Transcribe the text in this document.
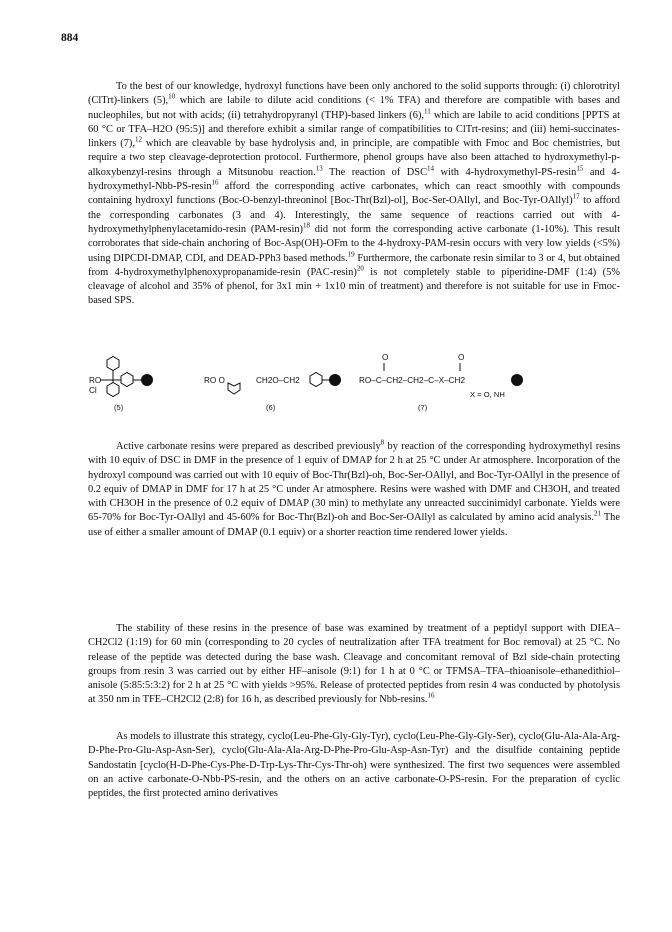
884

To the best of our knowledge, hydroxyl functions have been only anchored to the solid supports through: (i) chlorotrityl (ClTrt)-linkers (5),$^{10}$ which are labile to dilute acid conditions (< 1% TFA) and therefore are compatible with bases and nucleophiles, but not with acids; (ii) tetrahydropyranyl (THP)-based linkers (6),$^{11}$ which are labile to acid conditions [PPTS at 60 °C or TFA–H2O (95:5)] and therefore exhibit a similar range of compatibilities to ClTrt-resins; and (iii) hemi-succinates-linkers (7),$^{12}$ which are cleavable by base hydrolysis and, in principle, are compatible with Fmoc and Boc chemistries, but require a two step cleavage-deprotection protocol. Furthermore, phenol groups have also been attached to hydroxymethyl-p-alkoxybenzyl-resins through a Mitsunobu reaction.$^{13}$ The reaction of DSC$^{14}$ with 4-hydroxymethyl-PS-resin$^{15}$ and 4-hydroxymethyl-Nbb-PS-resin$^{16}$ afford the corresponding active carbonates, which can react smoothly with compounds containing hydroxyl functions (Boc-O-benzyl-threoninol [Boc-Thr(Bzl)-ol], Boc-Ser-OAllyl, and Boc-Tyr-OAllyl)$^{17}$ to afford the corresponding carbonates (3 and 4). Interestingly, the same sequence of reactions carried out with 4-hydroxymethylphenylacetamido-resin $(PAM-resin)^{18}$ did not form the corresponding active carbonate (1-10%). This result corroborates that side-chain anchoring of Boc-Asp(OH)-OFm to the 4-hydroxy-PAM-resin occurs with very low yields (<5%) using DIPCDI-DMAP, CDI, and DEAD-PPh3 based methods.$^{19}$ Furthermore, the carbonate resin similar to 3 or 4, but obtained from 4-hydroxymethylphenoxypropanamide-resin $(PAC-resin)^{20}$ is not completely stable to piperidine-DMF (1:4) (5% cleavage of alcohol and 35% of phenol, for 3x1 min + 1x10 min of treatment) and therefore is not suitable for use in Fmoc-based SPS.

RO
Cl
(5)
RO O	CH2O–CH2
(6)
O	O
RO–C–CH2–CH2–C–X–CH2
X = O, NH
(7)

Active carbonate resins were prepared as described previously$^8$ by reaction of the corresponding hydroxymethyl resins with 10 equiv of DSC in DMF in the presence of 1 equiv of DMAP for 2 h at 25 °C under Ar atmosphere. Incorporation of the hydroxyl compound was carried out with 10 equiv of Boc-Thr(Bzl)-oh, Boc-Ser-OAllyl, and Boc-Tyr-OAllyl in the presence of 0.2 equiv of DMAP in DMF for 17 h at 25 °C under Ar atmosphere. Resins were washed with DMF and CH3OH, and treated with CH3OH in the presence of 0.2 equiv of DMAP (30 min) to methylate any unreacted succinimidyl carbonate. Yields were 65-70% for Boc-Tyr-OAllyl and 45-60% for Boc-Thr(Bzl)-oh and Boc-Ser-OAllyl as calculated by amino acid analysis.$^{21}$ The use of either a smaller amount of DMAP (0.1 equiv) or a shorter reaction time rendered lower yields.

The stability of these resins in the presence of base was examined by treatment of a peptidyl support with DIEA–CH2Cl2 (1:19) for 60 min (corresponding to 20 cycles of neutralization after TFA treatment for Boc removal) at 25 °C. No release of the peptide was detected during the base wash. Cleavage and concomitant removal of Bzl side-chain protecting groups from resin 3 was carried out by either HF–anisole (9:1) for 1 h at 0 °C or TFMSA–TFA–thioanisole–ethanedithiol–anisole (5:85:5:3:2) for 2 h at 25 °C with yields >95%. Release of protected peptides from resin 4 was conducted by photolysis at 350 nm in TFE–CH2Cl2 (2:8) for 16 h, as described previously for Nbb-resins.$^{16}$

As models to illustrate this strategy, cyclo(Leu-Phe-Gly-Gly-Tyr), cyclo(Leu-Phe-Gly-Gly-Ser), cyclo(Glu-Ala-Ala-Arg-D-Phe-Pro-Glu-Asp-Asn-Ser), cyclo(Glu-Ala-Ala-Arg-D-Phe-Pro-Glu-Asp-Asn-Tyr) and the disulfide containing peptide Sandostatin [cyclo(H-D-Phe-Cys-Phe-D-Trp-Lys-Thr-Cys-Thr-oh) were synthesized. The first two sequences were assembled on an active carbonate-O-Nbb-PS-resin, and the others on an active carbonate-O-PS-resin. For the preparation of cyclic peptides, the first protected amino derivatives
